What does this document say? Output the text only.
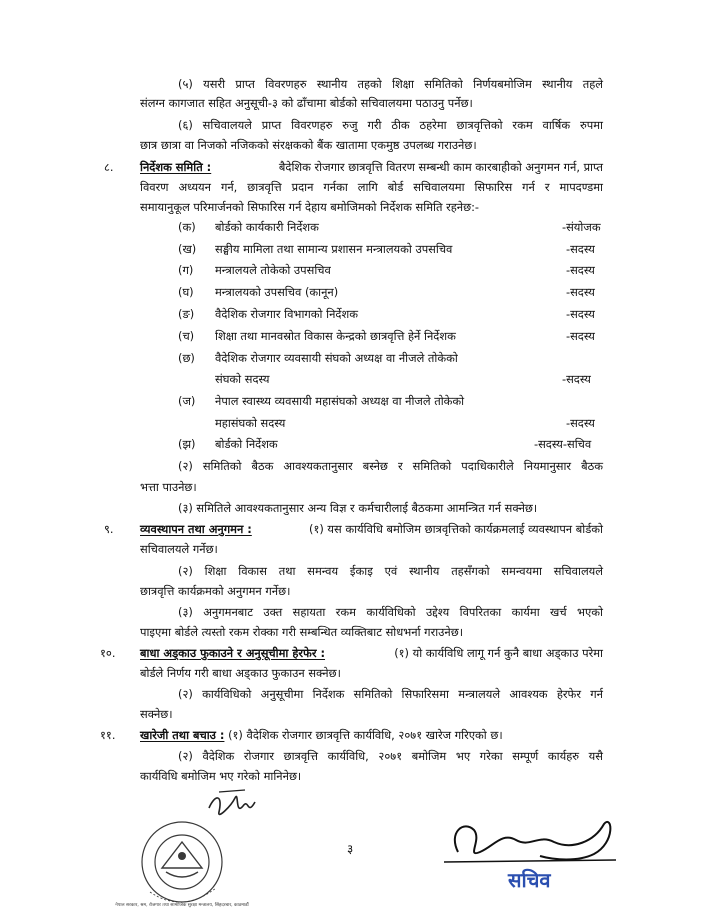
(५) यसरी प्राप्त विवरणहरु स्थानीय तहको शिक्षा समितिको निर्णयबमोजिम स्थानीय तहले
संलग्न कागजात सहित अनुसूची-३ को ढाँचामा बोर्डको सचिवालयमा पठाउनु पर्नेछ।
(६) सचिवालयले प्राप्त विवरणहरु रुजु गरी ठीक ठहरेमा छात्रवृत्तिको रकम वार्षिक रुपमा
छात्र छात्रा वा निजको नजिकको संरक्षकको बैंक खातामा एकमुष्ठ उपलब्ध गराउनेछ।
८. निर्देशक समिति :	बैदेशिक रोजगार छात्रवृत्ति वितरण सम्बन्धी काम कारबाहीको अनुगमन गर्न, प्राप्त
विवरण अध्ययन गर्न, छात्रवृत्ति प्रदान गर्नका लागि बोर्ड सचिवालयमा सिफारिस गर्न र मापदण्डमा
समायानुकूल परिमार्जनको सिफारिस गर्न देहाय बमोजिमको निर्देशक समिति रहनेछ:-
(क) बोर्डको कार्यकारी निर्देशक	-संयोजक
(ख) सङ्घीय मामिला तथा सामान्य प्रशासन मन्त्रालयको उपसचिव	-सदस्य
(ग) मन्त्रालयले तोकेको उपसचिव	-सदस्य
(घ) मन्त्रालयको उपसचिव (कानून)	-सदस्य
(ङ) वैदेशिक रोजगार विभागको निर्देशक	-सदस्य
(च) शिक्षा तथा मानवस्रोत विकास केन्द्रको छात्रवृत्ति हेर्ने निर्देशक	-सदस्य
(छ) वैदेशिक रोजगार व्यवसायी संघको अध्यक्ष वा नीजले तोकेको
संघको सदस्य	-सदस्य
(ज) नेपाल स्वास्थ्य व्यवसायी महासंघको अध्यक्ष वा नीजले तोकेको
महासंघको सदस्य	-सदस्य
(झ) बोर्डको निर्देशक	-सदस्य-सचिव
(२) समितिको बैठक आवश्यकतानुसार बस्नेछ र समितिको पदाधिकारीले नियमानुसार बैठक
भत्ता पाउनेछ।
(३) समितिले आवश्यकतानुसार अन्य विज्ञ र कर्मचारीलाई बैठकमा आमन्त्रित गर्न सक्नेछ।
९. व्यवस्थापन तथा अनुगमन :	(१) यस कार्यविधि बमोजिम छात्रवृत्तिको कार्यक्रमलाई व्यवस्थापन बोर्डको
सचिवालयले गर्नेछ।
(२) शिक्षा विकास तथा समन्वय ईकाइ एवं स्थानीय तहसँगको समन्वयमा सचिवालयले
छात्रवृत्ति कार्यक्रमको अनुगमन गर्नेछ।
(३) अनुगमनबाट उक्त सहायता रकम कार्यविधिको उद्देश्य विपरितका कार्यमा खर्च भएको
पाइएमा बोर्डले त्यस्तो रकम रोक्का गरी सम्बन्धित व्यक्तिबाट सोधभर्ना गराउनेछ।
१०. बाधा अड्काउ फुकाउने र अनुसूचीमा हेरफेर :	(१) यो कार्यविधि लागू गर्न कुनै बाधा अड्काउ परेमा
बोर्डले निर्णय गरी बाधा अड्काउ फुकाउन सक्नेछ।
(२) कार्यविधिको अनुसूचीमा निर्देशक समितिको सिफारिसमा मन्त्रालयले आवश्यक हेरफेर गर्न
सक्नेछ।
११. खारेजी तथा बचाउ : (१) वैदेशिक रोजगार छात्रवृत्ति कार्यविधि, २०७१ खारेज गरिएको छ।
(२) वैदेशिक रोजगार छात्रवृत्ति कार्यविधि, २०७१ बमोजिम भए गरेका सम्पूर्ण कार्यहरु यसै
कार्यविधि बमोजिम भए गरेको मानिनेछ।
नेपाल सरकार, श्रम, रोजगार तथा सामाजिक सुरक्षा मन्त्रालय, सिंहदरबार, काठमाडौं
३
सचिव
